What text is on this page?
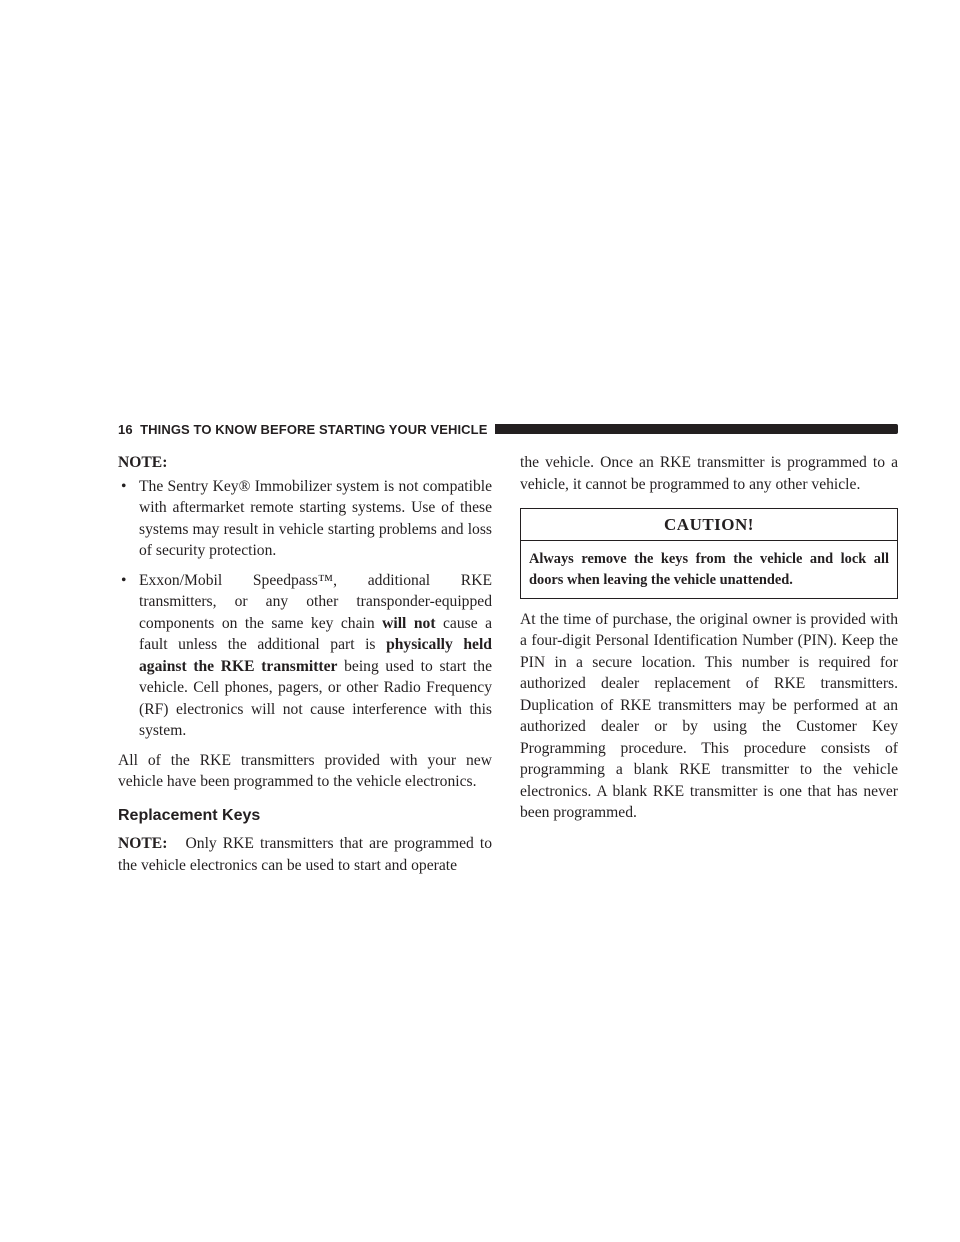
16 THINGS TO KNOW BEFORE STARTING YOUR VEHICLE

NOTE:

• The Sentry Key® Immobilizer system is not compatible with aftermarket remote starting systems. Use of these systems may result in vehicle starting problems and loss of security protection.
• Exxon/Mobil Speedpass™, additional RKE transmitters, or any other transponder-equipped components on the same key chain will not cause a fault unless the additional part is physically held against the RKE transmitter being used to start the vehicle. Cell phones, pagers, or other Radio Frequency (RF) electronics will not cause interference with this system.

All of the RKE transmitters provided with your new vehicle have been programmed to the vehicle electronics.

Replacement Keys

NOTE: Only RKE transmitters that are programmed to the vehicle electronics can be used to start and operate

the vehicle. Once an RKE transmitter is programmed to a vehicle, it cannot be programmed to any other vehicle.

CAUTION!
Always remove the keys from the vehicle and lock all doors when leaving the vehicle unattended.

At the time of purchase, the original owner is provided with a four-digit Personal Identification Number (PIN). Keep the PIN in a secure location. This number is required for authorized dealer replacement of RKE transmitters. Duplication of RKE transmitters may be performed at an authorized dealer or by using the Customer Key Programming procedure. This procedure consists of programming a blank RKE transmitter to the vehicle electronics. A blank RKE transmitter is one that has never been programmed.
